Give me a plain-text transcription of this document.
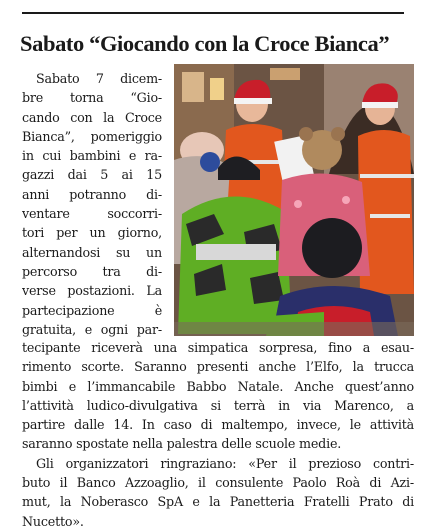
Sabato “Giocando con la Croce Bianca”
Sabato 7 dicem-
bre torna “Gio-
cando con la Croce
Bianca”, pomeriggio
in cui bambini e ra-
gazzi dai 5 ai 15
anni potranno di-
ventare soccorri-
tori per un giorno,
alternandosi su un
percorso tra di-
verse postazioni. La
partecipazione è
gratuita, e ogni par-
tecipante riceverà una simpatica sorpresa, fino a esau-
rimento scorte. Saranno presenti anche l’Elfo, la trucca
bimbi e l’immancabile Babbo Natale. Anche quest’anno
l’attività ludico-divulgativa si terrà in via Marenco, a
partire dalle 14. In caso di maltempo, invece, le attività
saranno spostate nella palestra delle scuole medie.
Gli organizzatori ringraziano: «Per il prezioso contri-
buto il Banco Azzoaglio, il consulente Paolo Roà di Azi-
mut, la Noberasco SpA e la Panetteria Fratelli Prato di
Nucetto».
